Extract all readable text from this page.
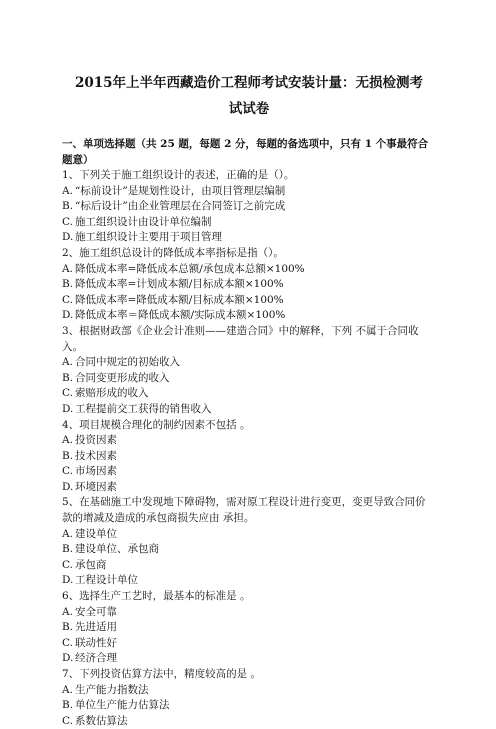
2015年上半年西藏造价工程师考试安装计量：无损检测考
试试卷

一、单项选择题（共 25 题，每题 2 分，每题的备选项中，只有 1 个事最符合题意）

1、下列关于施工组织设计的表述，正确的是（）。

A. “标前设计”是规划性设计，由项目管理层编制

B. “标后设计”由企业管理层在合同签订之前完成

C. 施工组织设计由设计单位编制

D. 施工组织设计主要用于项目管理

2、施工组织总设计的降低成本率指标是指（）。

A. 降低成本率=降低成本总额/承包成本总额×100%

B. 降低成本率=计划成本额/目标成本额×100%

C. 降低成本率=降低成本额/目标成本额×100%

D. 降低成本率＝降低成本额/实际成本额×100%

3、根据财政部《企业会计准则——建造合同》中的解释，下列 不属于合同收入。

A. 合同中规定的初始收入

B. 合同变更形成的收入

C. 索赔形成的收入

D. 工程提前交工获得的销售收入

4、项目规模合理化的制约因素不包括 。

A. 投资因素

B. 技术因素

C. 市场因素

D. 环境因素

5、在基础施工中发现地下障碍物，需对原工程设计进行变更，变更导致合同价款的增减及造成的承包商损失应由 承担。

A. 建设单位

B. 建设单位、承包商

C. 承包商

D. 工程设计单位

6、选择生产工艺时，最基本的标准是 。

A. 安全可靠

B. 先进适用

C. 联动性好

D. 经济合理

7、下列投资估算方法中，精度较高的是 。

A. 生产能力指数法

B. 单位生产能力估算法

C. 系数估算法
